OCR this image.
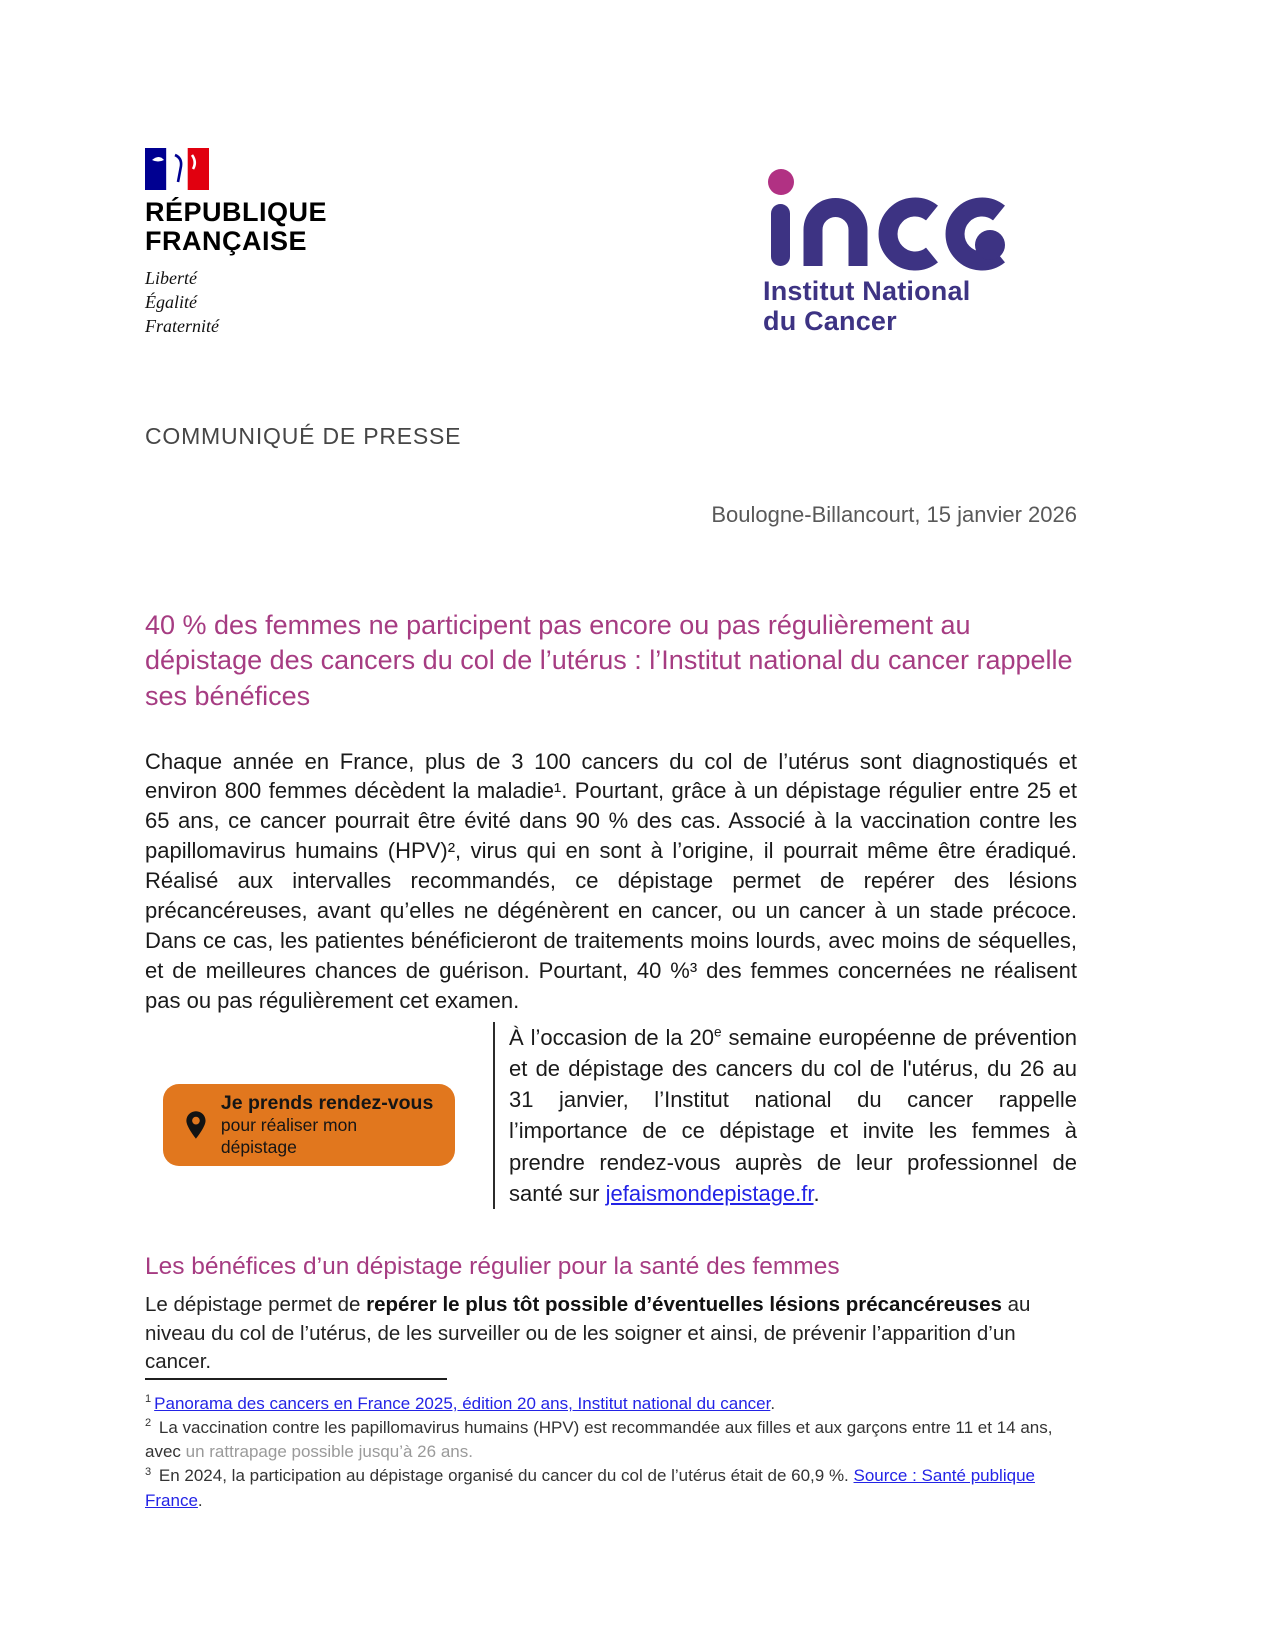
RÉPUBLIQUE
FRANÇAISE
Liberté
Égalité
Fraternité
Institut National
du Cancer
COMMUNIQUÉ DE PRESSE
Boulogne-Billancourt, 15 janvier 2026
40 % des femmes ne participent pas encore ou pas régulièrement au dépistage des cancers du col de l’utérus : l’Institut national du cancer rappelle ses bénéfices

Chaque année en France, plus de 3 100 cancers du col de l’utérus sont diagnostiqués et environ 800 femmes décèdent la maladie¹. Pourtant, grâce à un dépistage régulier entre 25 et 65 ans, ce cancer pourrait être évité dans 90 % des cas. Associé à la vaccination contre les papillomavirus humains (HPV)², virus qui en sont à l’origine, il pourrait même être éradiqué. Réalisé aux intervalles recommandés, ce dépistage permet de repérer des lésions précancéreuses, avant qu’elles ne dégénèrent en cancer, ou un cancer à un stade précoce. Dans ce cas, les patientes bénéficieront de traitements moins lourds, avec moins de séquelles, et de meilleures chances de guérison. Pourtant, 40 %³ des femmes concernées ne réalisent pas ou pas régulièrement cet examen.

Je prends rendez-vous
pour réaliser mon dépistage
À l’occasion de la 20e semaine européenne de prévention et de dépistage des cancers du col de l'utérus, du 26 au 31 janvier, l’Institut national du cancer rappelle l’importance de ce dépistage et invite les femmes à prendre rendez-vous auprès de leur professionnel de santé sur jefaismondepistage.fr.
Les bénéfices d’un dépistage régulier pour la santé des femmes

Le dépistage permet de repérer le plus tôt possible d’éventuelles lésions précancéreuses au niveau du col de l’utérus, de les surveiller ou de les soigner et ainsi, de prévenir l’apparition d’un cancer.

$^1$ Panorama des cancers en France 2025, édition 20 ans, Institut national du cancer.

$^2$ La vaccination contre les papillomavirus humains (HPV) est recommandée aux filles et aux garçons entre 11 et 14 ans, avec un rattrapage possible jusqu’à 26 ans.

$^3$ En 2024, la participation au dépistage organisé du cancer du col de l’utérus était de 60,9 %. Source : Santé publique France.
